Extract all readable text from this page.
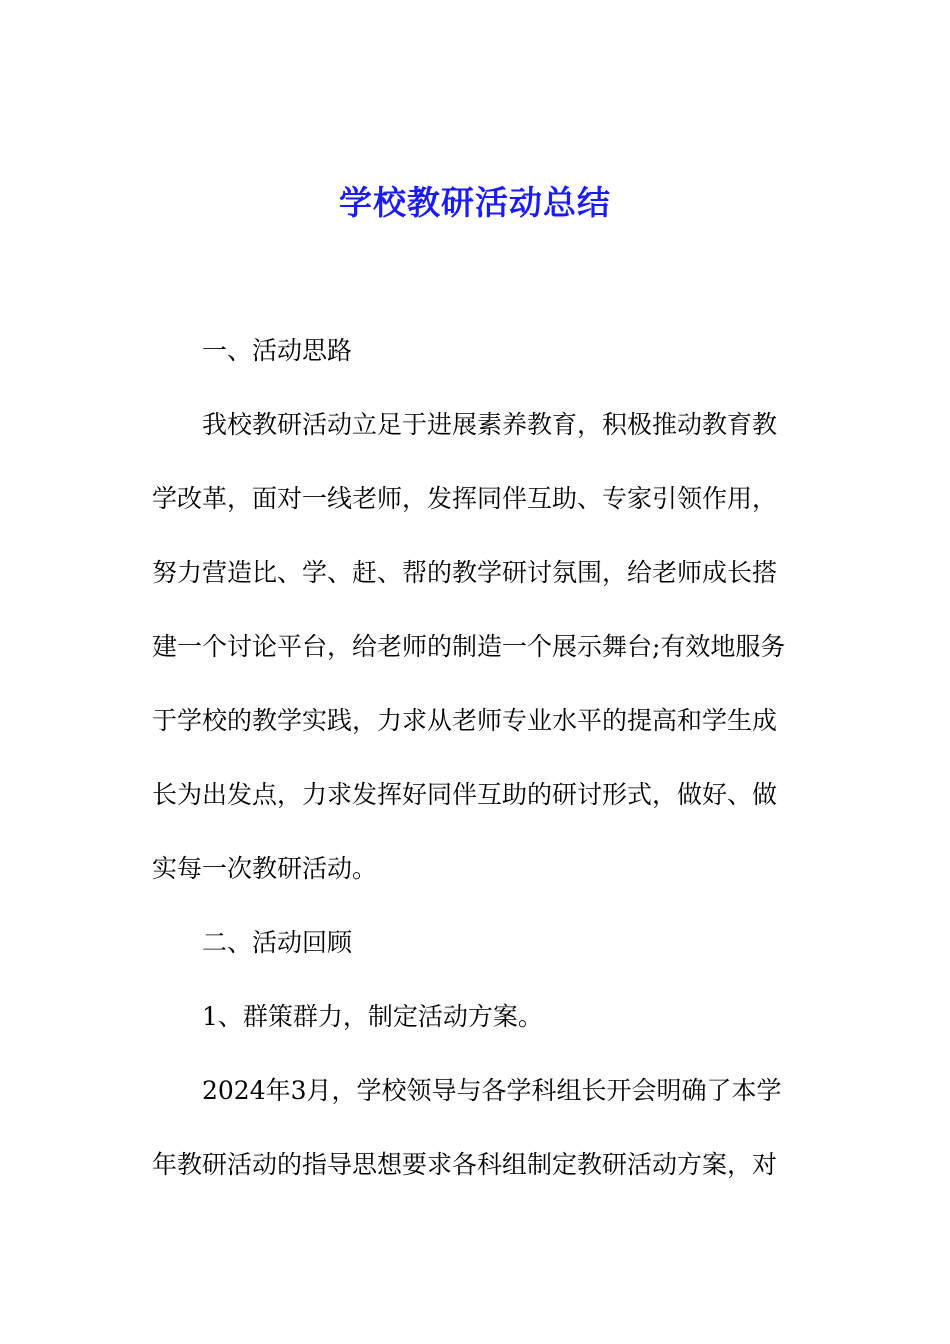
学校教研活动总结
一、活动思路
我校教研活动立足于进展素养教育，积极推动教育教
学改革，面对一线老师，发挥同伴互助、专家引领作用，
努力营造比、学、赶、帮的教学研讨氛围，给老师成长搭
建一个讨论平台，给老师的制造一个展示舞台;有效地服务
于学校的教学实践，力求从老师专业水平的提高和学生成
长为出发点，力求发挥好同伴互助的研讨形式，做好、做
实每一次教研活动。
二、活动回顾
1、群策群力，制定活动方案。
2024年3月，学校领导与各学科组长开会明确了本学
年教研活动的指导思想要求各科组制定教研活动方案，对
